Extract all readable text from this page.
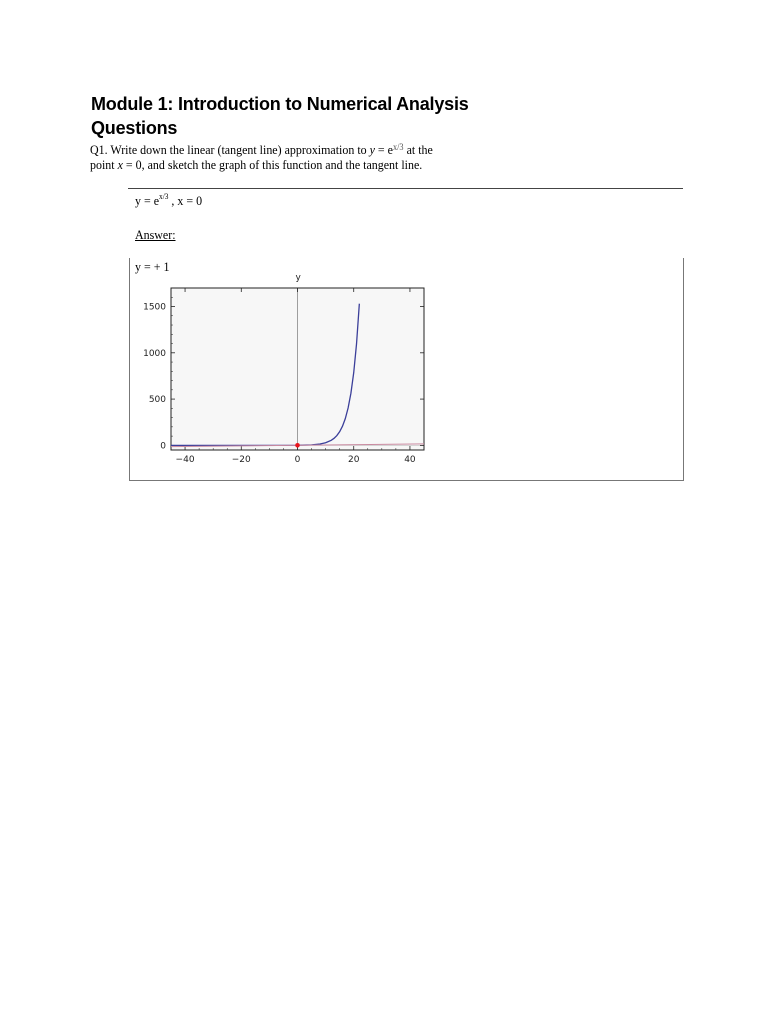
Module 1: Introduction to Numerical Analysis
Questions
Q1. Write down the linear (tangent line) approximation to $y = e^{x/3}$ at the
point x = 0, and sketch the graph of this function and the tangent line.
$y = e^{x/3}$ , x = 0
Answer:
y = + 1
y
−40	−20	0	20	40
0
500
1000
1500
